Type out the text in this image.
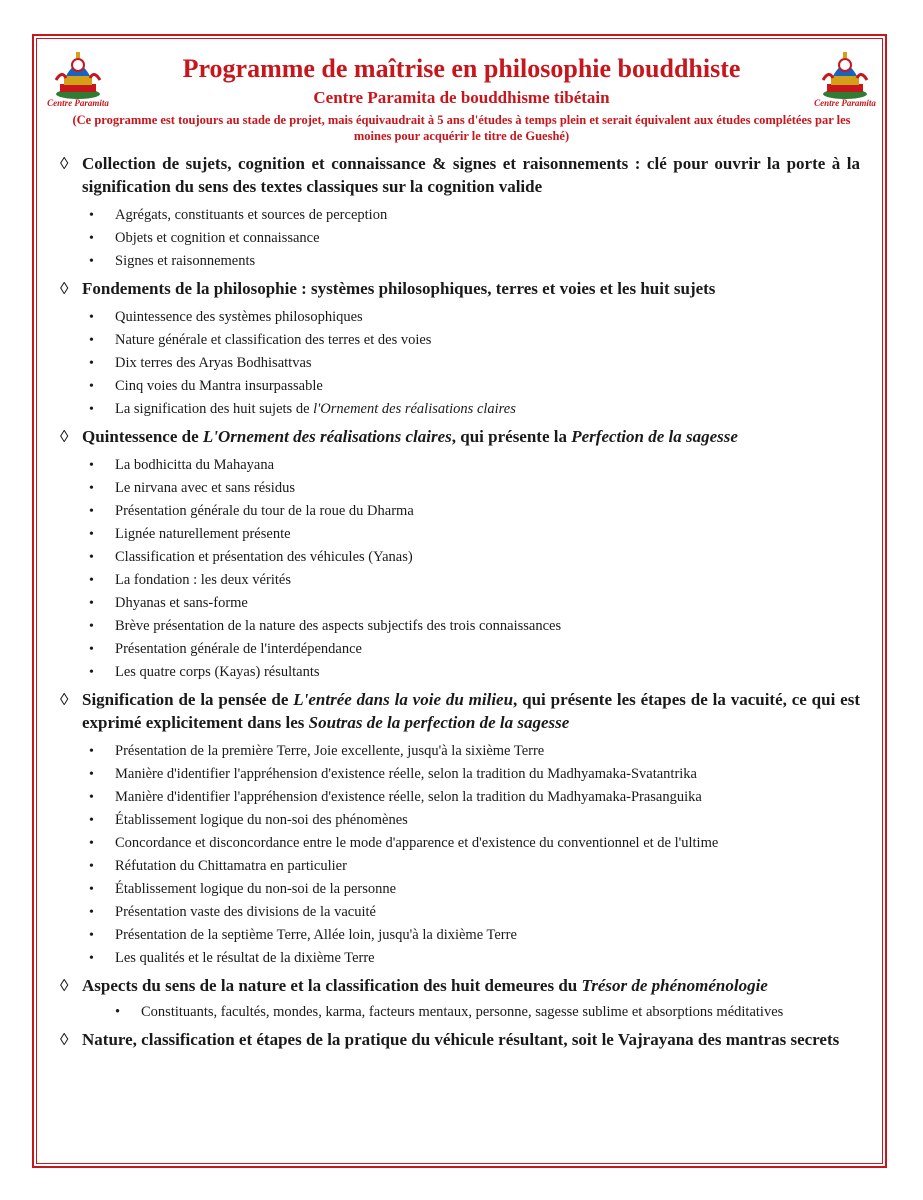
Centre Paramita
Programme de maîtrise en philosophie bouddhiste
Centre Paramita de bouddhisme tibétain
(Ce programme est toujours au stade de projet, mais équivaudrait à 5 ans d'études à temps plein et serait équivalent aux études complétées par les moines pour acquérir le titre de Gueshé)
Centre Paramita

◊ Collection de sujets, cognition et connaissance & signes et raisonnements : clé pour ouvrir la porte à la signification du sens des textes classiques sur la cognition valide

• Agrégats, constituants et sources de perception
• Objets et cognition et connaissance
• Signes et raisonnements

◊ Fondements de la philosophie : systèmes philosophiques, terres et voies et les huit sujets

• Quintessence des systèmes philosophiques
• Nature générale et classification des terres et des voies
• Dix terres des Aryas Bodhisattvas
• Cinq voies du Mantra insurpassable
• La signification des huit sujets de l'Ornement des réalisations claires

◊ Quintessence de L'Ornement des réalisations claires, qui présente la Perfection de la sagesse

• La bodhicitta du Mahayana
• Le nirvana avec et sans résidus
• Présentation générale du tour de la roue du Dharma
• Lignée naturellement présente
• Classification et présentation des véhicules (Yanas)
• La fondation : les deux vérités
• Dhyanas et sans-forme
• Brève présentation de la nature des aspects subjectifs des trois connaissances
• Présentation générale de l'interdépendance
• Les quatre corps (Kayas) résultants

◊ Signification de la pensée de L'entrée dans la voie du milieu, qui présente les étapes de la vacuité, ce qui est exprimé explicitement dans les Soutras de la perfection de la sagesse

• Présentation de la première Terre, Joie excellente, jusqu'à la sixième Terre
• Manière d'identifier l'appréhension d'existence réelle, selon la tradition du Madhyamaka-Svatantrika
• Manière d'identifier l'appréhension d'existence réelle, selon la tradition du Madhyamaka-Prasanguika
• Établissement logique du non-soi des phénomènes
• Concordance et disconcordance entre le mode d'apparence et d'existence du conventionnel et de l'ultime
• Réfutation du Chittamatra en particulier
• Établissement logique du non-soi de la personne
• Présentation vaste des divisions de la vacuité
• Présentation de la septième Terre, Allée loin, jusqu'à la dixième Terre
• Les qualités et le résultat de la dixième Terre

◊ Aspects du sens de la nature et la classification des huit demeures du Trésor de phénoménologie

• Constituants, facultés, mondes, karma, facteurs mentaux, personne, sagesse sublime et absorptions méditatives

◊ Nature, classification et étapes de la pratique du véhicule résultant, soit le Vajrayana des mantras secrets
